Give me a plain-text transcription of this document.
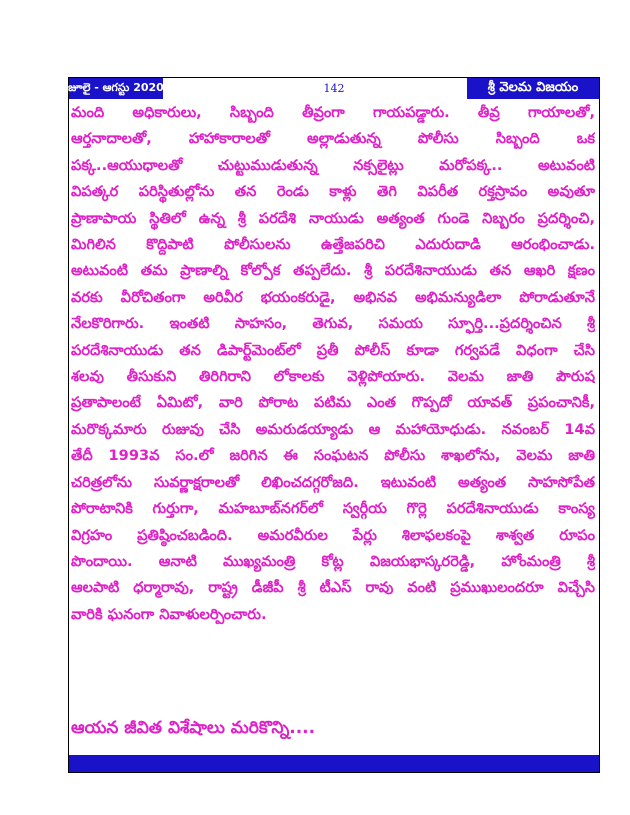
జూలై - ఆగస్టు 2020	142	శ్రీ వెలమ విజయం
మంది అధికారులు, సిబ్బంది తీవ్రంగా గాయపడ్డారు. తీవ్ర గాయాలతో,
ఆర్తనాదాలతో, హాహాకారాలతో అల్లాడుతున్న పోలీసు సిబ్బంది ఒక
పక్క..ఆయుధాలతో చుట్టుముడుతున్న నక్సలైట్లు మరోపక్క.. అటువంటి
విపత్కర పరిస్థితుల్లోను తన రెండు కాళ్లు తెగి విపరీత రక్తస్రావం అవుతూ
ప్రాణాపాయ స్థితిలో ఉన్న శ్రీ పరదేశి నాయుడు అత్యంత గుండె నిబ్బరం ప్రదర్శించి,
మిగిలిన కొద్దిపాటి పోలీసులను ఉత్తేజపరిచి ఎదురుదాడి ఆరంభించాడు.
అటువంటి తమ ప్రాణాల్ని కోల్పోక తప్పలేదు. శ్రీ పరదేశినాయుడు తన ఆఖరి క్షణం
వరకు వీరోచితంగా అరివీర భయంకరుడై, అభినవ అభిమన్యుడిలా పోరాడుతూనే
నేలకొరిగారు. ఇంతటి సాహసం, తెగువ, సమయ స్ఫూర్తి...ప్రదర్శించిన శ్రీ
పరదేశినాయుడు తన డిపార్ట్‌మెంట్‌లో ప్రతీ పోలీస్ కూడా గర్వపడే విధంగా చేసి
శలవు తీసుకుని తిరిగిరాని లోకాలకు వెళ్లిపోయారు. వెలమ జాతి పౌరుష
ప్రతాపాలంటే ఏమిటో, వారి పోరాట పటిమ ఎంత గొప్పదో యావత్ ప్రపంచానికీ,
మరొక్కమారు రుజువు చేసి అమరుడయ్యాడు ఆ మహాయోధుడు. నవంబర్ 14వ
తేదీ 1993వ సం.లో జరిగిన ఈ సంఘటన పోలీసు శాఖలోను, వెలమ జాతి
చరిత్రలోను సువర్ణాక్షరాలతో లిఖించదగ్గరోజది. ఇటువంటి అత్యంత సాహసోపేత
పోరాటానికి గుర్తుగా, మహబూబ్‌నగర్‌లో స్వర్గీయ గొర్లె పరదేశినాయుడు కాంస్య
విగ్రహం ప్రతిష్ఠించబడింది. అమరవీరుల పేర్లు శిలాఫలకంపై శాశ్వత రూపం
పొందాయి. ఆనాటి ముఖ్యమంత్రి కోట్ల విజయభాస్కరరెడ్డి, హోంమంత్రి శ్రీ
ఆలపాటి ధర్మారావు, రాష్ట్ర డీజీపీ శ్రీ టీఎస్ రావు వంటి ప్రముఖులందరూ విచ్చేసి
వారికి ఘనంగా నివాళులర్పించారు.
ఆయన జీవిత విశేషాలు మరికొన్ని....
